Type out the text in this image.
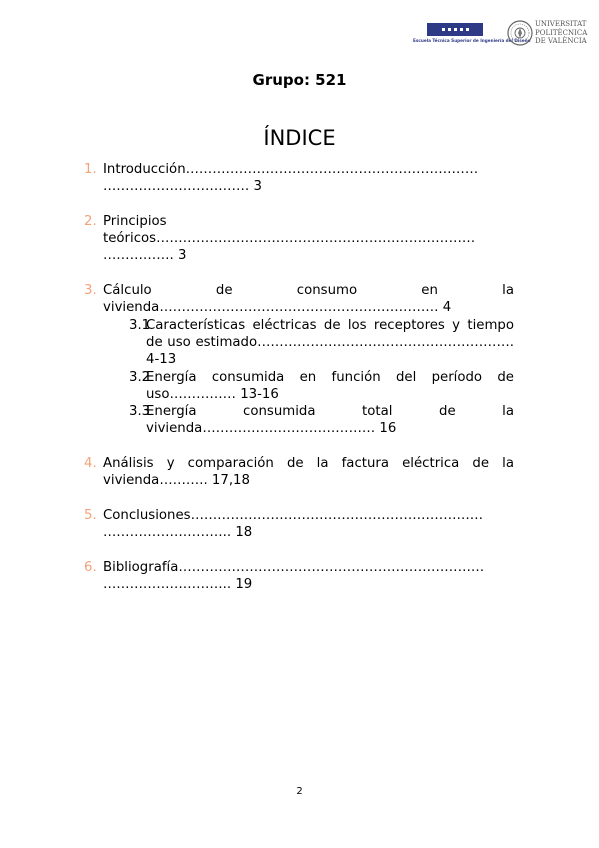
Escuela Técnica Superior de Ingeniería del Diseño
UNIVERSITAT
POLITÈCNICA
DE VALÈNCIA
Grupo: 521
ÍNDICE
1. Introducción…………………………………………………………
…………………………… 3
2. Principios
teóricos………………………………………………………………
……………. 3
3. Cálculo de consumo en la vivienda……………………………………………………… 4
3.1
Características eléctricas de los receptores y tiempo de uso estimado…………………………………………………. 4-13
3.2
Energía consumida en función del período de uso…………… 13-16
3.3
Energía consumida total de la vivienda………………………………… 16
4. Análisis y comparación de la factura eléctrica de la vivienda……….. 17,18
5. Conclusiones…………………………………………………………
……………………….. 18
6. Bibliografía……………………………………………………………
……………………….. 19
2
